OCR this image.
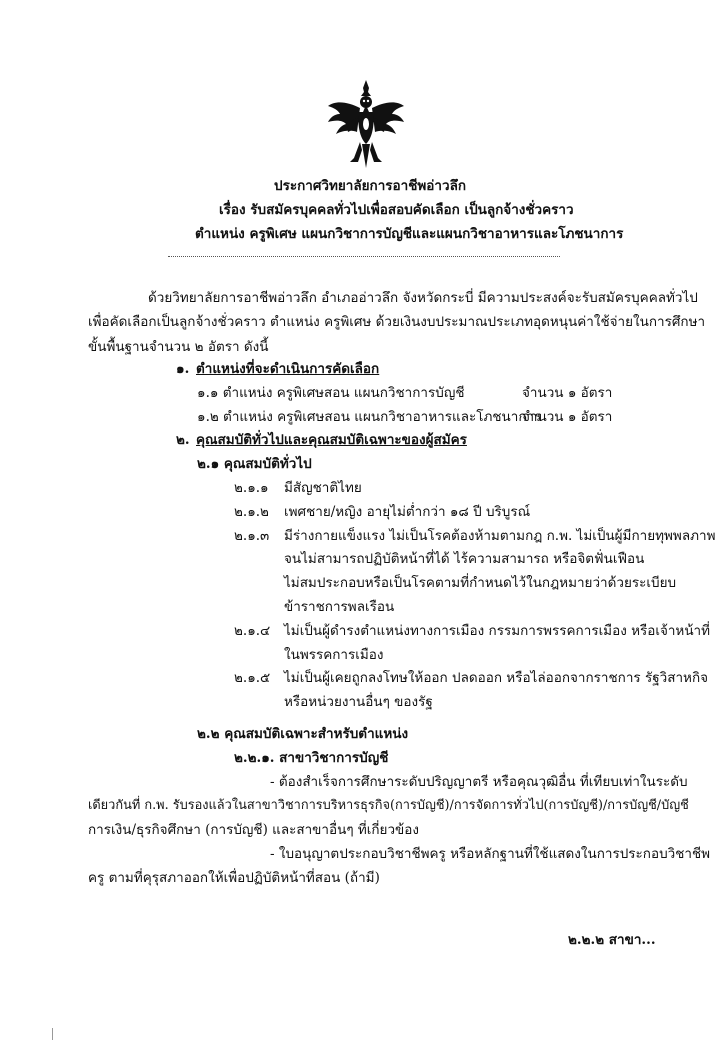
ประกาศวิทยาลัยการอาชีพอ่าวลึก
เรื่อง รับสมัครบุคคลทั่วไปเพื่อสอบคัดเลือก เป็นลูกจ้างชั่วคราว
ตำแหน่ง ครูพิเศษ แผนกวิชาการบัญชีและแผนกวิชาอาหารและโภชนาการ
ด้วยวิทยาลัยการอาชีพอ่าวลึก อำเภออ่าวลึก จังหวัดกระบี่ มีความประสงค์จะรับสมัครบุคคลทั่วไป
เพื่อคัดเลือกเป็นลูกจ้างชั่วคราว ตำแหน่ง ครูพิเศษ ด้วยเงินงบประมาณประเภทอุดหนุนค่าใช้จ่ายในการศึกษา
ขั้นพื้นฐานจำนวน ๒ อัตรา ดังนี้
๑. ตำแหน่งที่จะดำเนินการคัดเลือก
๑.๑ ตำแหน่ง ครูพิเศษสอน แผนกวิชาการบัญชี	จำนวน ๑ อัตรา
๑.๒ ตำแหน่ง ครูพิเศษสอน แผนกวิชาอาหารและโภชนาการ
จำนวน ๑ อัตรา
๒. คุณสมบัติทั่วไปและคุณสมบัติเฉพาะของผู้สมัคร
๒.๑ คุณสมบัติทั่วไป
๒.๑.๑ มีสัญชาติไทย
๒.๑.๒ เพศชาย/หญิง อายุไม่ต่ำกว่า ๑๘ ปี บริบูรณ์
๒.๑.๓ มีร่างกายแข็งแรง ไม่เป็นโรคต้องห้ามตามกฎ ก.พ. ไม่เป็นผู้มีกายทุพพลภาพ
จนไม่สามารถปฏิบัติหน้าที่ได้ ไร้ความสามารถ หรือจิตฟั่นเฟือน
ไม่สมประกอบหรือเป็นโรคตามที่กำหนดไว้ในกฎหมายว่าด้วยระเบียบ
ข้าราชการพลเรือน
๒.๑.๔ ไม่เป็นผู้ดำรงตำแหน่งทางการเมือง กรรมการพรรคการเมือง หรือเจ้าหน้าที่
ในพรรคการเมือง
๒.๑.๕ ไม่เป็นผู้เคยถูกลงโทษให้ออก ปลดออก หรือไล่ออกจากราชการ รัฐวิสาหกิจ
หรือหน่วยงานอื่นๆ ของรัฐ
๒.๒ คุณสมบัติเฉพาะสำหรับตำแหน่ง
๒.๒.๑. สาขาวิชาการบัญชี
- ต้องสำเร็จการศึกษาระดับปริญญาตรี หรือคุณวุฒิอื่น ที่เทียบเท่าในระดับ
เดียวกันที่ ก.พ. รับรองแล้วในสาขาวิชาการบริหารธุรกิจ(การบัญชี)/การจัดการทั่วไป(การบัญชี)/การบัญชี/บัญชี
การเงิน/ธุรกิจศึกษา (การบัญชี) และสาขาอื่นๆ ที่เกี่ยวข้อง
- ใบอนุญาตประกอบวิชาชีพครู หรือหลักฐานที่ใช้แสดงในการประกอบวิชาชีพ
ครู ตามที่คุรุสภาออกให้เพื่อปฏิบัติหน้าที่สอน (ถ้ามี)
๒.๒.๒ สาขา...
